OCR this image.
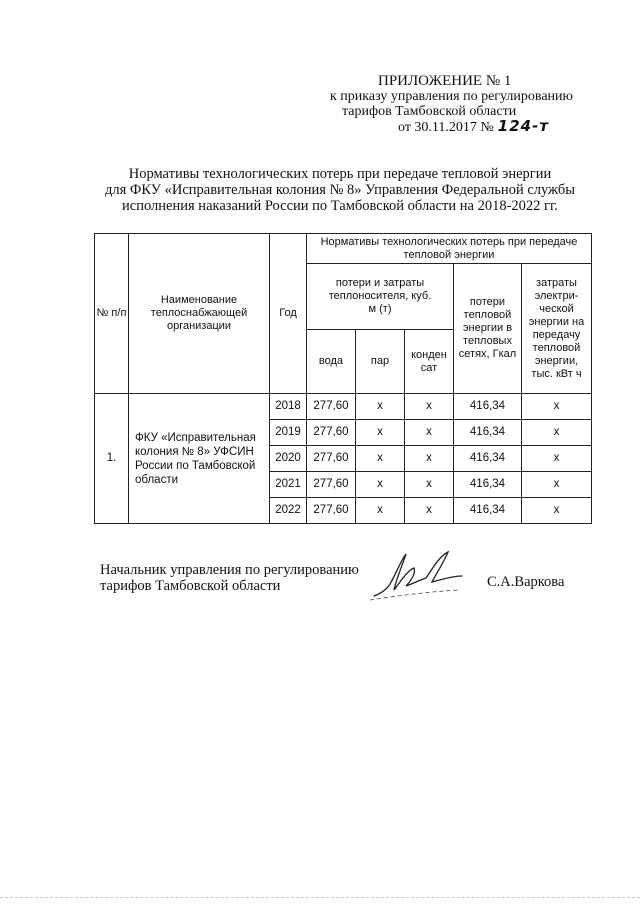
ПРИЛОЖЕНИЕ № 1
к приказу управления по регулированию
тарифов Тамбовской области
от 30.11.2017 № 124-т
Нормативы технологических потерь при передаче тепловой энергии
для ФКУ «Исправительная колония № 8» Управления Федеральной службы
исполнения наказаний России по Тамбовской области на 2018-2022 гг.
№ п/п	Наименование теплоснабжающей организации	Год	Нормативы технологических потерь при передаче тепловой энергии				
			потери и затраты теплоносителя, куб. м (т)			потери тепловой энергии в тепловых сетях, Гкал	затраты электри- ческой энергии на передачу тепловой энергии, тыс. кВт ч
			вода	пар	конден сат		
1.	ФКУ «Исправительная колония № 8» УФСИН России по Тамбовской области	2018	277,60	x	x	416,34	x
		2019	277,60	x	x	416,34	x
		2020	277,60	x	x	416,34	x
		2021	277,60	x	x	416,34	x
		2022	277,60	x	x	416,34	x
Начальник управления по регулированию
тарифов Тамбовской области	С.А.Варкова
